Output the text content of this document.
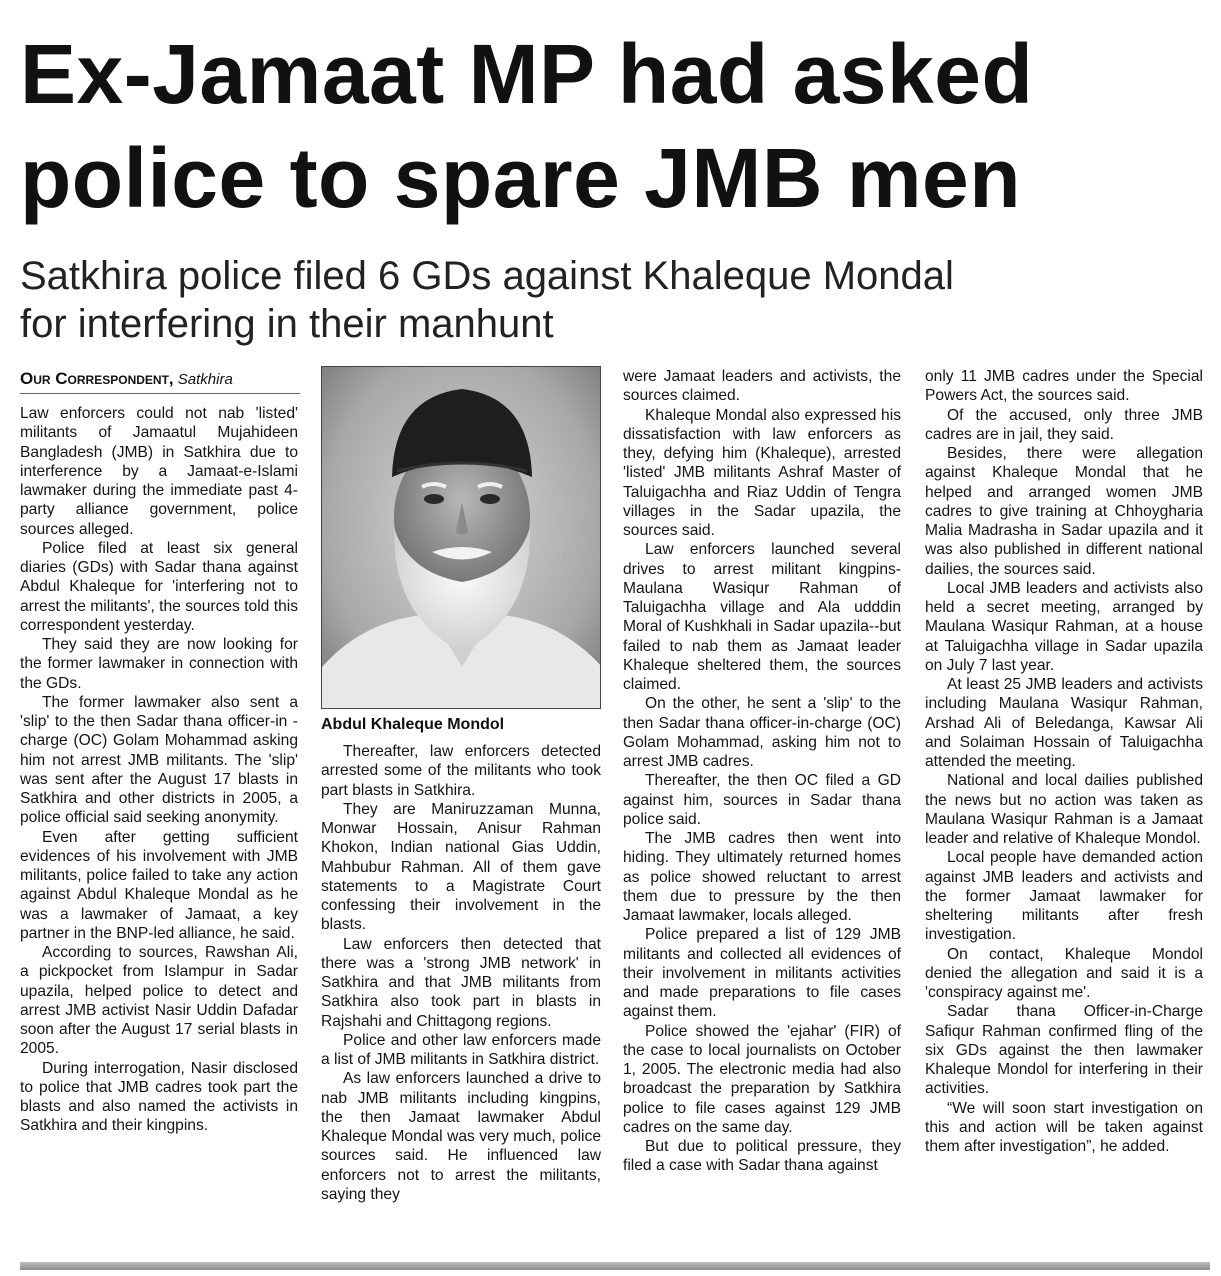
Ex-Jamaat MP had asked
police to spare JMB men
Satkhira police filed 6 GDs against Khaleque Mondal
for interfering in their manhunt
Our Correspondent, Satkhira

Law enforcers could not nab 'listed' militants of Jamaatul Mujahideen Bangladesh (JMB) in Satkhira due to interference by a Jamaat-e-Islami lawmaker during the immediate past 4-party alliance government, police sources alleged.

Police filed at least six general diaries (GDs) with Sadar thana against Abdul Khaleque for 'interfering not to arrest the militants', the sources told this correspondent yesterday.

They said they are now looking for the former lawmaker in connection with the GDs.

The former lawmaker also sent a 'slip' to the then Sadar thana officer-in -charge (OC) Golam Mohammad asking him not arrest JMB militants. The 'slip' was sent after the August 17 blasts in Satkhira and other districts in 2005, a police official said seeking anonymity.

Even after getting sufficient evidences of his involvement with JMB militants, police failed to take any action against Abdul Khaleque Mondal as he was a lawmaker of Jamaat, a key partner in the BNP-led alliance, he said.

According to sources, Rawshan Ali, a pickpocket from Islampur in Sadar upazila, helped police to detect and arrest JMB activist Nasir Uddin Dafadar soon after the August 17 serial blasts in 2005.

During interrogation, Nasir disclosed to police that JMB cadres took part the blasts and also named the activists in Satkhira and their kingpins.

Abdul Khaleque Mondol

Thereafter, law enforcers detected arrested some of the militants who took part blasts in Satkhira.

They are Maniruzzaman Munna, Monwar Hossain, Anisur Rahman Khokon, Indian national Gias Uddin, Mahbubur Rahman. All of them gave statements to a Magistrate Court confessing their involvement in the blasts.

Law enforcers then detected that there was a 'strong JMB network' in Satkhira and that JMB militants from Satkhira also took part in blasts in Rajshahi and Chittagong regions.

Police and other law enforcers made a list of JMB militants in Satkhira district.

As law enforcers launched a drive to nab JMB militants including kingpins, the then Jamaat lawmaker Abdul Khaleque Mondal was very much, police sources said. He influenced law enforcers not to arrest the militants, saying they

were Jamaat leaders and activists, the sources claimed.

Khaleque Mondal also expressed his dissatisfaction with law enforcers as they, defying him (Khaleque), arrested 'listed' JMB militants Ashraf Master of Taluigachha and Riaz Uddin of Tengra villages in the Sadar upazila, the sources said.

Law enforcers launched several drives to arrest militant kingpins-Maulana Wasiqur Rahman of Taluigachha village and Ala udddin Moral of Kushkhali in Sadar upazila--but failed to nab them as Jamaat leader Khaleque sheltered them, the sources claimed.

On the other, he sent a 'slip' to the then Sadar thana officer-in-charge (OC) Golam Mohammad, asking him not to arrest JMB cadres.

Thereafter, the then OC filed a GD against him, sources in Sadar thana police said.

The JMB cadres then went into hiding. They ultimately returned homes as police showed reluctant to arrest them due to pressure by the then Jamaat lawmaker, locals alleged.

Police prepared a list of 129 JMB militants and collected all evidences of their involvement in militants activities and made preparations to file cases against them.

Police showed the 'ejahar' (FIR) of the case to local journalists on October 1, 2005. The electronic media had also broadcast the preparation by Satkhira police to file cases against 129 JMB cadres on the same day.

But due to political pressure, they filed a case with Sadar thana against

only 11 JMB cadres under the Special Powers Act, the sources said.

Of the accused, only three JMB cadres are in jail, they said.

Besides, there were allegation against Khaleque Mondal that he helped and arranged women JMB cadres to give training at Chhoygharia Malia Madrasha in Sadar upazila and it was also published in different national dailies, the sources said.

Local JMB leaders and activists also held a secret meeting, arranged by Maulana Wasiqur Rahman, at a house at Taluigachha village in Sadar upazila on July 7 last year.

At least 25 JMB leaders and activists including Maulana Wasiqur Rahman, Arshad Ali of Beledanga, Kawsar Ali and Solaiman Hossain of Taluigachha attended the meeting.

National and local dailies published the news but no action was taken as Maulana Wasiqur Rahman is a Jamaat leader and relative of Khaleque Mondol.

Local people have demanded action against JMB leaders and activists and the former Jamaat lawmaker for sheltering militants after fresh investigation.

On contact, Khaleque Mondol denied the allegation and said it is a 'conspiracy against me'.

Sadar thana Officer-in-Charge Safiqur Rahman confirmed fling of the six GDs against the then lawmaker Khaleque Mondol for interfering in their activities.

“We will soon start investigation on this and action will be taken against them after investigation”, he added.
